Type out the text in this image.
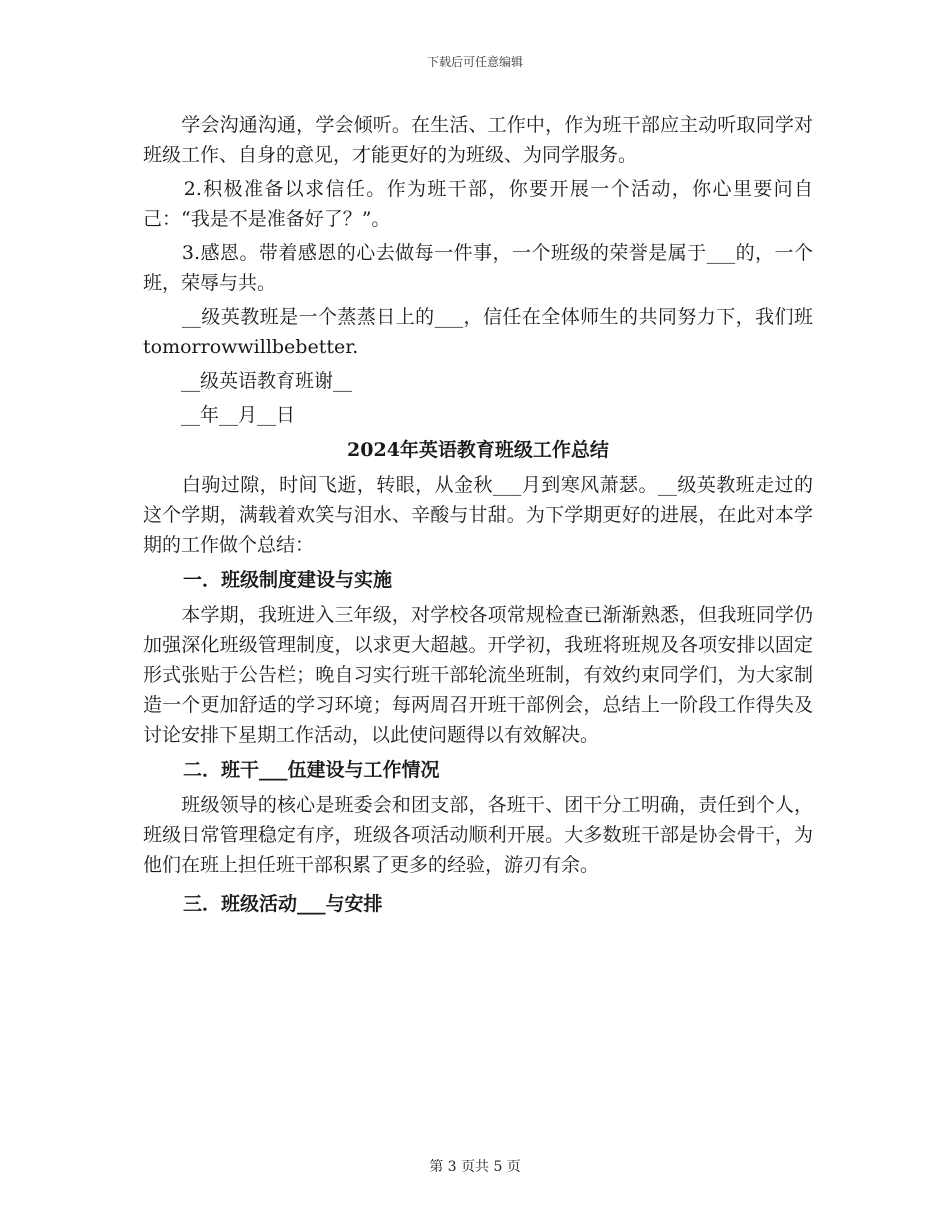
下载后可任意编辑

　　学会沟通沟通，学会倾听。在生活、工作中，作为班干部应主动听取同学对班级工作、自身的意见，才能更好的为班级、为同学服务。

　　2.积极准备以求信任。作为班干部，你要开展一个活动，你心里要问自己：“我是不是准备好了？”。

　　3.感恩。带着感恩的心去做每一件事，一个班级的荣誉是属于___的，一个班，荣辱与共。

　　__级英教班是一个蒸蒸日上的___，信任在全体师生的共同努力下，我们班 tomorrowwillbebetter.

　　__级英语教育班谢__

　　__年__月__日

2024年英语教育班级工作总结

　　白驹过隙，时间飞逝，转眼，从金秋___月到寒风萧瑟。__级英教班走过的这个学期，满载着欢笑与泪水、辛酸与甘甜。为下学期更好的进展，在此对本学期的工作做个总结：

一．班级制度建设与实施

　　本学期，我班进入三年级，对学校各项常规检查已渐渐熟悉，但我班同学仍加强深化班级管理制度，以求更大超越。开学初，我班将班规及各项安排以固定形式张贴于公告栏；晚自习实行班干部轮流坐班制，有效约束同学们，为大家制造一个更加舒适的学习环境；每两周召开班干部例会，总结上一阶段工作得失及讨论安排下星期工作活动，以此使问题得以有效解决。

二．班干___伍建设与工作情况

　　班级领导的核心是班委会和团支部，各班干、团干分工明确，责任到个人，班级日常管理稳定有序，班级各项活动顺利开展。大多数班干部是协会骨干，为他们在班上担任班干部积累了更多的经验，游刃有余。

三．班级活动___与安排
第 3 页共 5 页
